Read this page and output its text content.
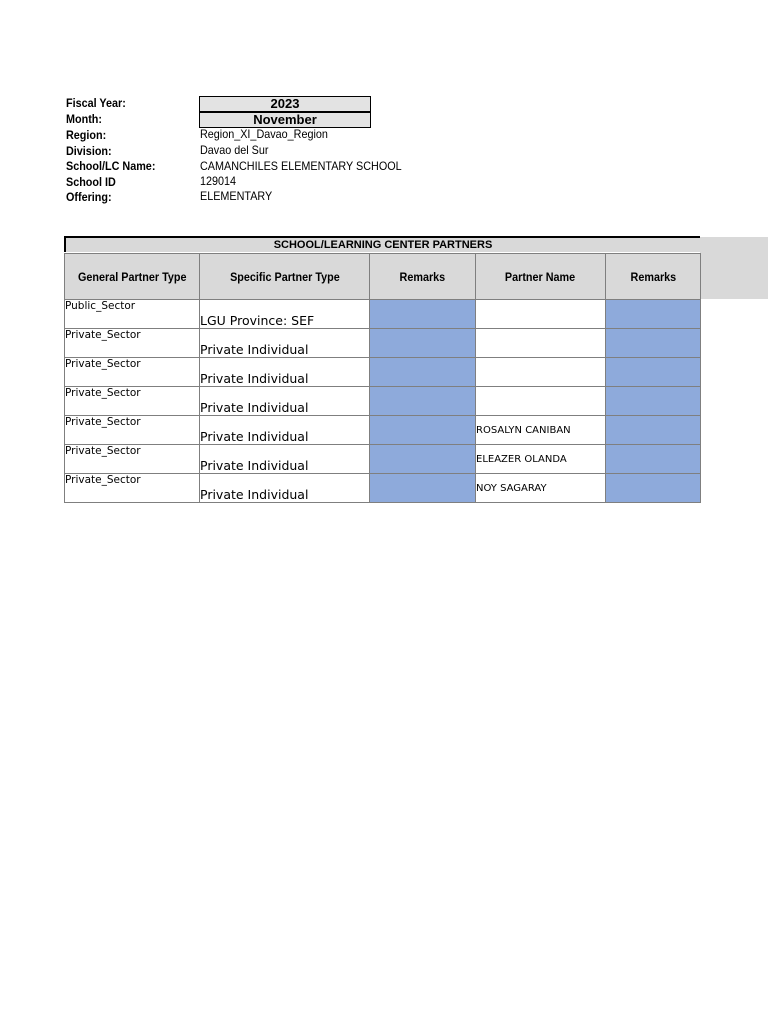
Fiscal Year:	2023
Month:	November
Region:	Region_XI_Davao_Region
Division:	Davao del Sur
School/LC Name:	CAMANCHILES ELEMENTARY SCHOOL
School ID	129014
Offering:	ELEMENTARY
SCHOOL/LEARNING CENTER PARTNERS
General Partner Type	Specific Partner Type	Remarks	Partner Name	Remarks
Public_Sector	LGU Province: SEF			
Private_Sector	Private Individual			
Private_Sector	Private Individual			
Private_Sector	Private Individual			
Private_Sector	Private Individual		ROSALYN CANIBAN	
Private_Sector	Private Individual		ELEAZER OLANDA	
Private_Sector	Private Individual		NOY SAGARAY	
